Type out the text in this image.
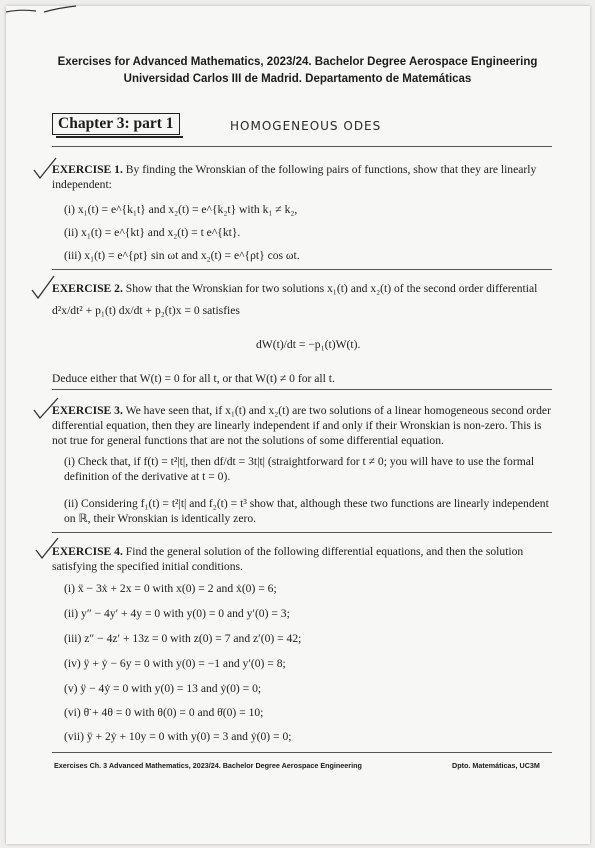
Exercises for Advanced Mathematics, 2023/24. Bachelor Degree Aerospace Engineering
Universidad Carlos III de Madrid. Departamento de Matemáticas
Chapter 3: part 1	HOMOGENEOUS ODES
EXERCISE 1. By finding the Wronskian of the following pairs of functions, show that they are linearly independent:
(i) x₁(t) = e^{k₁t} and x₂(t) = e^{k₂t} with k₁ ≠ k₂,
(ii) x₁(t) = e^{kt} and x₂(t) = t e^{kt}.
(iii) x₁(t) = e^{ρt} sin ωt and x₂(t) = e^{ρt} cos ωt.
EXERCISE 2. Show that the Wronskian for two solutions x₁(t) and x₂(t) of the second order differential
d²x/dt² + p₁(t) dx/dt + p₂(t)x = 0 satisfies
dW(t)/dt = −p₁(t)W(t).
Deduce either that W(t) = 0 for all t, or that W(t) ≠ 0 for all t.
EXERCISE 3. We have seen that, if x₁(t) and x₂(t) are two solutions of a linear homogeneous second order differential equation, then they are linearly independent if and only if their Wronskian is non-zero. This is not true for general functions that are not the solutions of some differential equation.
(i) Check that, if f(t) = t²|t|, then df/dt = 3t|t| (straightforward for t ≠ 0; you will have to use the formal definition of the derivative at t = 0).
(ii) Considering f₁(t) = t²|t| and f₂(t) = t³ show that, although these two functions are linearly independent on ℝ, their Wronskian is identically zero.
EXERCISE 4. Find the general solution of the following differential equations, and then the solution satisfying the specified initial conditions.
(i) ẍ − 3ẋ + 2x = 0 with x(0) = 2 and ẋ(0) = 6;
(ii) y″ − 4y′ + 4y = 0 with y(0) = 0 and y′(0) = 3;
(iii) z″ − 4z′ + 13z = 0 with z(0) = 7 and z′(0) = 42;
(iv) ÿ + ẏ − 6y = 0 with y(0) = −1 and y′(0) = 8;
(v) ÿ − 4ẏ = 0 with y(0) = 13 and ẏ(0) = 0;
(vi) θ̈ + 4θ = 0 with θ(0) = 0 and θ̇(0) = 10;
(vii) ÿ + 2ẏ + 10y = 0 with y(0) = 3 and ẏ(0) = 0;
Exercises Ch. 3 Advanced Mathematics, 2023/24. Bachelor Degree Aerospace Engineering	Dpto. Matemáticas, UC3M
